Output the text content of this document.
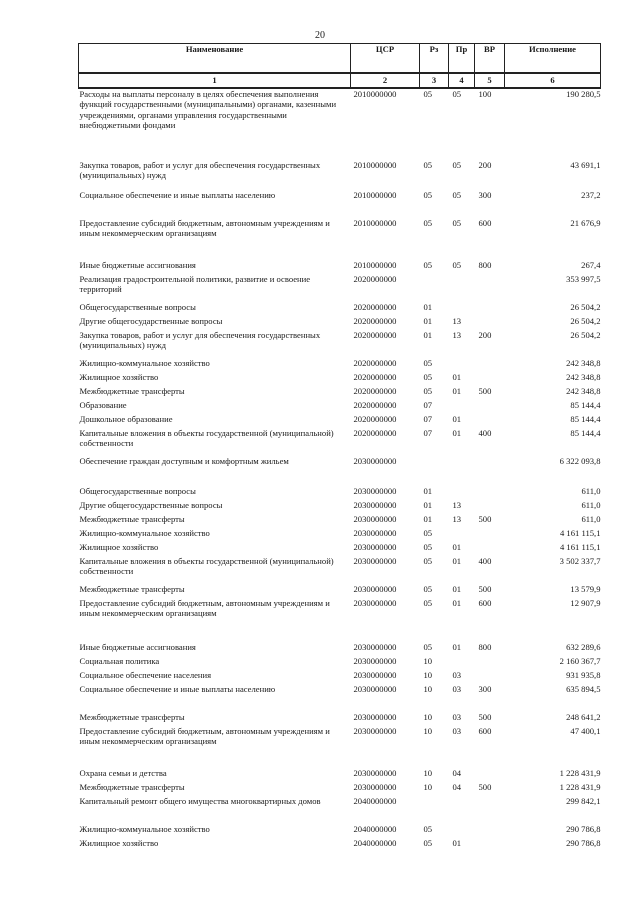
20
Наименование	ЦСР	Рз	Пр	ВР	Исполнение
1	2	3	4	5	6
Расходы на выплаты персоналу в целях обеспечения выполнения функций государственными (муниципальными) органами, казенными учреждениями, органами управления государственными внебюджетными фондами	2010000000	05	05	100	190 280,5
Закупка товаров, работ и услуг для обеспечения государственных (муниципальных) нужд	2010000000	05	05	200	43 691,1
Социальное обеспечение и иные выплаты населению	2010000000	05	05	300	237,2
Предоставление субсидий бюджетным, автономным учреждениям и иным некоммерческим организациям	2010000000	05	05	600	21 676,9
Иные бюджетные ассигнования	2010000000	05	05	800	267,4
Реализация градостроительной политики, развитие и освоение территорий	2020000000				353 997,5
Общегосударственные вопросы	2020000000	01			26 504,2
Другие общегосударственные вопросы	2020000000	01	13		26 504,2
Закупка товаров, работ и услуг для обеспечения государственных (муниципальных) нужд	2020000000	01	13	200	26 504,2
Жилищно-коммунальное хозяйство	2020000000	05			242 348,8
Жилищное хозяйство	2020000000	05	01		242 348,8
Межбюджетные трансферты	2020000000	05	01	500	242 348,8
Образование	2020000000	07			85 144,4
Дошкольное образование	2020000000	07	01		85 144,4
Капитальные вложения в объекты государственной (муниципальной) собственности	2020000000	07	01	400	85 144,4
Обеспечение граждан доступным и комфортным жильем	2030000000				6 322 093,8
Общегосударственные вопросы	2030000000	01			611,0
Другие общегосударственные вопросы	2030000000	01	13		611,0
Межбюджетные трансферты	2030000000	01	13	500	611,0
Жилищно-коммунальное хозяйство	2030000000	05			4 161 115,1
Жилищное хозяйство	2030000000	05	01		4 161 115,1
Капитальные вложения в объекты государственной (муниципальной) собственности	2030000000	05	01	400	3 502 337,7
Межбюджетные трансферты	2030000000	05	01	500	13 579,9
Предоставление субсидий бюджетным, автономным учреждениям и иным некоммерческим организациям	2030000000	05	01	600	12 907,9
Иные бюджетные ассигнования	2030000000	05	01	800	632 289,6
Социальная политика	2030000000	10			2 160 367,7
Социальное обеспечение населения	2030000000	10	03		931 935,8
Социальное обеспечение и иные выплаты населению	2030000000	10	03	300	635 894,5
Межбюджетные трансферты	2030000000	10	03	500	248 641,2
Предоставление субсидий бюджетным, автономным учреждениям и иным некоммерческим организациям	2030000000	10	03	600	47 400,1
Охрана семьи и детства	2030000000	10	04		1 228 431,9
Межбюджетные трансферты	2030000000	10	04	500	1 228 431,9
Капитальный ремонт общего имущества многоквартирных домов	2040000000				299 842,1
Жилищно-коммунальное хозяйство	2040000000	05			290 786,8
Жилищное хозяйство	2040000000	05	01		290 786,8
